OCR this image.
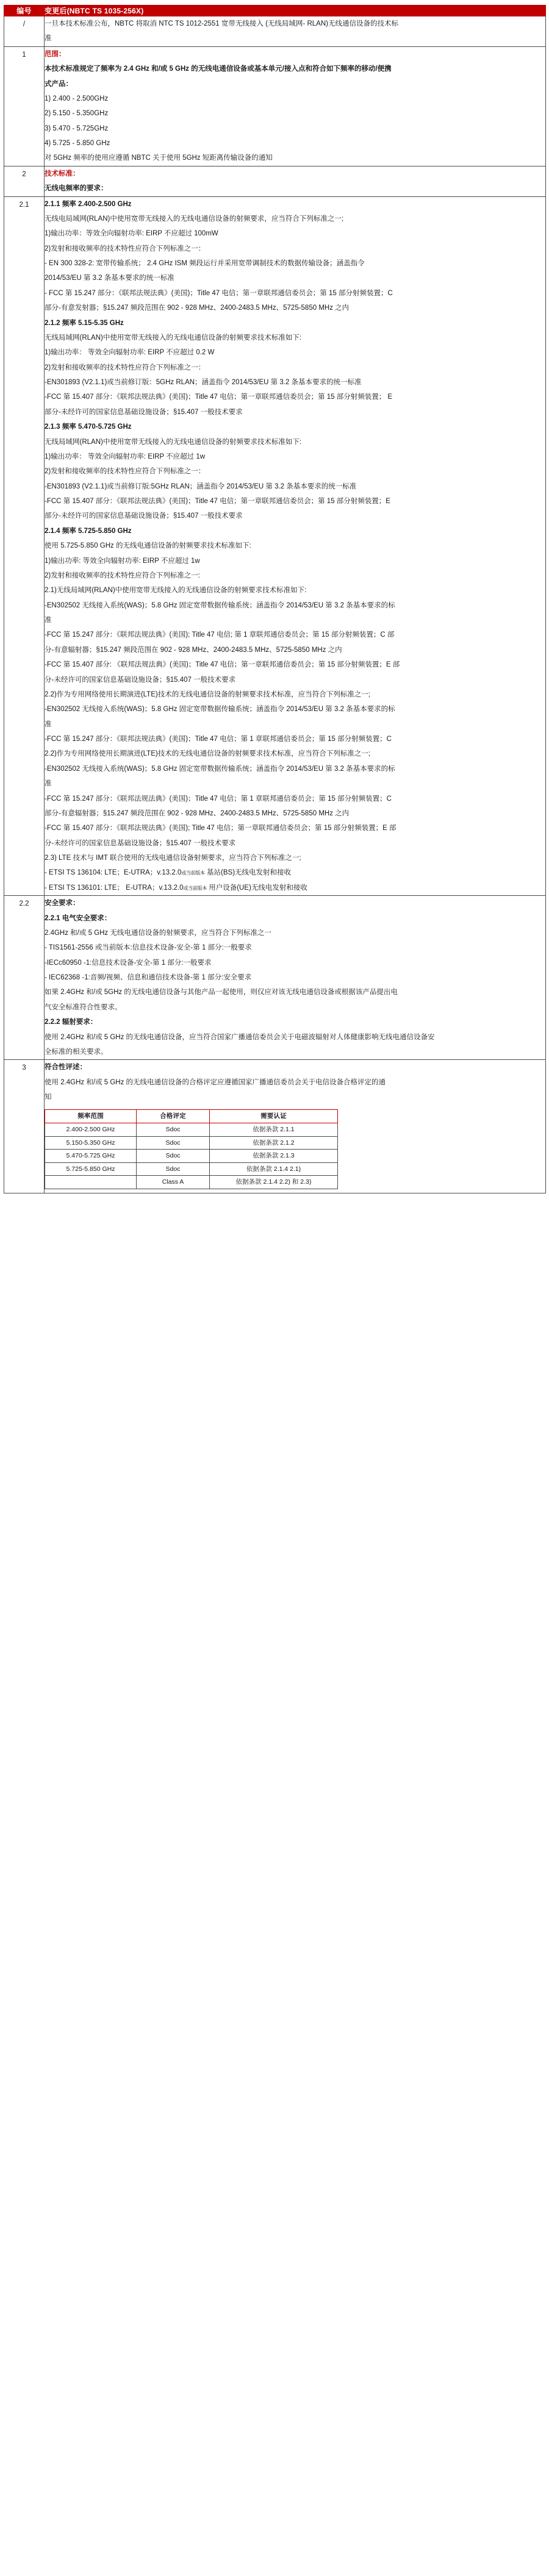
编号	变更后(NBTC TS 1035-256X)

/	一旦本技术标准公布，NBTC 将取消 NTC TS 1012-2551 宽带无线接入 (无线局域网- RLAN)无线通信设备的技术标

准

1	范围：

本技术标准规定了频率为 2.4 GHz 和/或 5 GHz 的无线电通信设备或基本单元/接入点和符合如下频率的移动/便携

式产品：

1) 2.400 - 2.500GHz

2) 5.150 - 5.350GHz

3) 5.470 - 5.725GHz

4) 5.725 - 5.850 GHz

对 5GHz 频率的使用应遵循 NBTC 关于使用 5GHz 短距离传输设备的通知

2	技术标准：

无线电频率的要求：

2.1	2.1.1 频率 2.400-2.500 GHz

无线电局域网(RLAN)中使用宽带无线接入的无线电通信设备的射频要求，应当符合下列标准之一;

1)输出功率：等效全向辐射功率: EIRP 不应超过 100mW

2)发射和接收频率的技术特性应符合下列标准之一：

- EN 300 328-2: 宽带传输系统； 2.4 GHz ISM 频段运行并采用宽带调制技术的数据传输设备；涵盖指令

2014/53/EU 第 3.2 条基本要求的统一标准

- FCC 第 15.247 部分：《联邦法规法典》(美国)；Title 47 电信；第一章联邦通信委员会；第 15 部分射频装置；C

部分-有意发射器；§15.247 频段范围在 902 - 928 MHz、2400-2483.5 MHz、5725-5850 MHz 之内

2.1.2 频率 5.15-5.35 GHz

无线局域网(RLAN)中使用宽带无线接入的无线电通信设备的射频要求技术标准如下:

1)输出功率： 等效全向辐射功率: EIRP 不应超过 0.2 W

2)发射和接收频率的技术特性应符合下列标准之一：

-EN301893 (V2.1.1)或当前修订版：5GHz RLAN；涵盖指令 2014/53/EU 第 3.2 条基本要求的统一标准

-FCC 第 15.407 部分：《联邦法规法典》(美国)；Title 47 电信；第一章联邦通信委员会；第 15 部分射频装置； E

部分-未经许可的国家信息基础设施设备；§15.407 一般技术要求

2.1.3 频率 5.470-5.725 GHz

无线局域网(RLAN)中使用宽带无线接入的无线电通信设备的射频要求技术标准如下:

1)输出功率： 等效全向辐射功率: EIRP 不应超过 1w

2)发射和接收频率的技术特性应符合下列标准之一：

-EN301893 (V2.1.1)或当前修订版:5GHz RLAN；涵盖指令 2014/53/EU 第 3.2 条基本要求的统一标准

-FCC 第 15.407 部分：《联邦法规法典》(美国)；Title 47 电信；第一章联邦通信委员会；第 15 部分射频装置；E

部分-未经许可的国家信息基础设施设备；§15.407 一般技术要求

2.1.4 频率 5.725-5.850 GHz

使用 5.725-5.850 GHz 的无线电通信设备的射频要求技术标准如下:

1)输出功率: 等效全向辐射功率: EIRP 不应超过 1w

2)发射和接收频率的技术特性应符合下列标准之一:

2.1)无线局域网(RLAN)中使用宽带无线接入的无线通信设备的射频要求技术标准如下:

-EN302502 无线接入系统(WAS)；5.8 GHz 固定宽带数据传输系统；涵盖指令 2014/53/EU 第 3.2 条基本要求的标

准

-FCC 第 15.247 部分：《联邦法规法典》(美国); Title 47 电信; 第 1 章联邦通信委员会；第 15 部分射频装置；C 部

分-有意辐射器；§15.247 频段范围在 902 - 928 MHz、2400-2483.5 MHz、5725-5850 MHz 之内

-FCC 第 15.407 部分: 《联邦法规法典》(美国)；Title 47 电信；第一章联邦通信委员会；第 15 部分射频装置；E 部

分-未经许可的国家信息基础设施设备；§15.407 一般技术要求

2.2)作为专用网络使用长期演进(LTE)技术的无线电通信设备的射频要求技术标准，应当符合下列标准之一;

-EN302502 无线接入系统(WAS)；5.8 GHz 固定宽带数据传输系统；涵盖指令 2014/53/EU 第 3.2 条基本要求的标

准

-FCC 第 15.247 部分：《联邦法规法典》(美国)；Title 47 电信；第 1 章联邦通信委员会；第 15 部分射频装置；C

2.2)作为专用网络使用长期演进(LTE)技术的无线电通信设备的射频要求技术标准，应当符合下列标准之一;

-EN302502 无线接入系统(WAS)；5.8 GHz 固定宽带数据传输系统；涵盖指令 2014/53/EU 第 3.2 条基本要求的标

准

-FCC 第 15.247 部分：《联邦法规法典》(美国)；Title 47 电信；第 1 章联邦通信委员会；第 15 部分射频装置；C

部分-有意辐射器；§15.247 频段范围在 902 - 928 MHz、2400-2483.5 MHz、5725-5850 MHz 之内

-FCC 第 15.407 部分：《联邦法规法典》(美国); Title 47 电信；第一章联邦通信委员会；第 15 部分射频装置；E 部

分-未经许可的国家信息基础设施设备；§15.407 一般技术要求

2.3) LTE 技术与 IMT 联合使用的无线电通信设备射频要求，应当符合下列标准之一;

- ETSI TS 136104: LTE；E-UTRA；v.13.2.0或当前版本 基站(BS)无线电发射和接收

- ETSI TS 136101: LTE； E-UTRA；v.13.2.0或当前版本 用户设备(UE)无线电发射和接收

2.2	安全要求：

2.2.1 电气安全要求：

2.4GHz 和/或 5 GHz 无线电通信设备的射频要求，应当符合下列标准之一

- TIS1561-2556 或当前版本:信息技术设备-安全-第 1 部分:一般要求

-IECc60950 -1:信息技术设备-安全-第 1 部分:一般要求

- IEC62368 -1:音频/视频、信息和通信技术设备-第 1 部分:安全要求

如果 2.4GHz 和/或 5GHz 的无线电通信设备与其他产品一起使用，则仅应对该无线电通信设备或根据该产品提出电

气安全标准符合性要求。

2.2.2 辐射要求：

使用 2.4GHz 和/或 5 GHz 的无线电通信设备，应当符合国家广播通信委员会关于电磁波辐射对人体健康影响无线电通信设备安

全标准的相关要求。

3	符合性评述：

使用 2.4GHz 和/或 5 GHz 的无线电通信设备的合格评定应遵循国家广播通信委员会关于电信设备合格评定的通

知

频率范围	合格评定	需要认证
2.400-2.500 GHz	Sdoc	依据条款 2.1.1
5.150-5.350 GHz	Sdoc	依据条款 2.1.2
5.470-5.725 GHz	Sdoc	依据条款 2.1.3
5.725-5.850 GHz	Sdoc	依据条款 2.1.4 2.1)
	Class A	依据条款 2.1.4 2.2) 和 2.3)
